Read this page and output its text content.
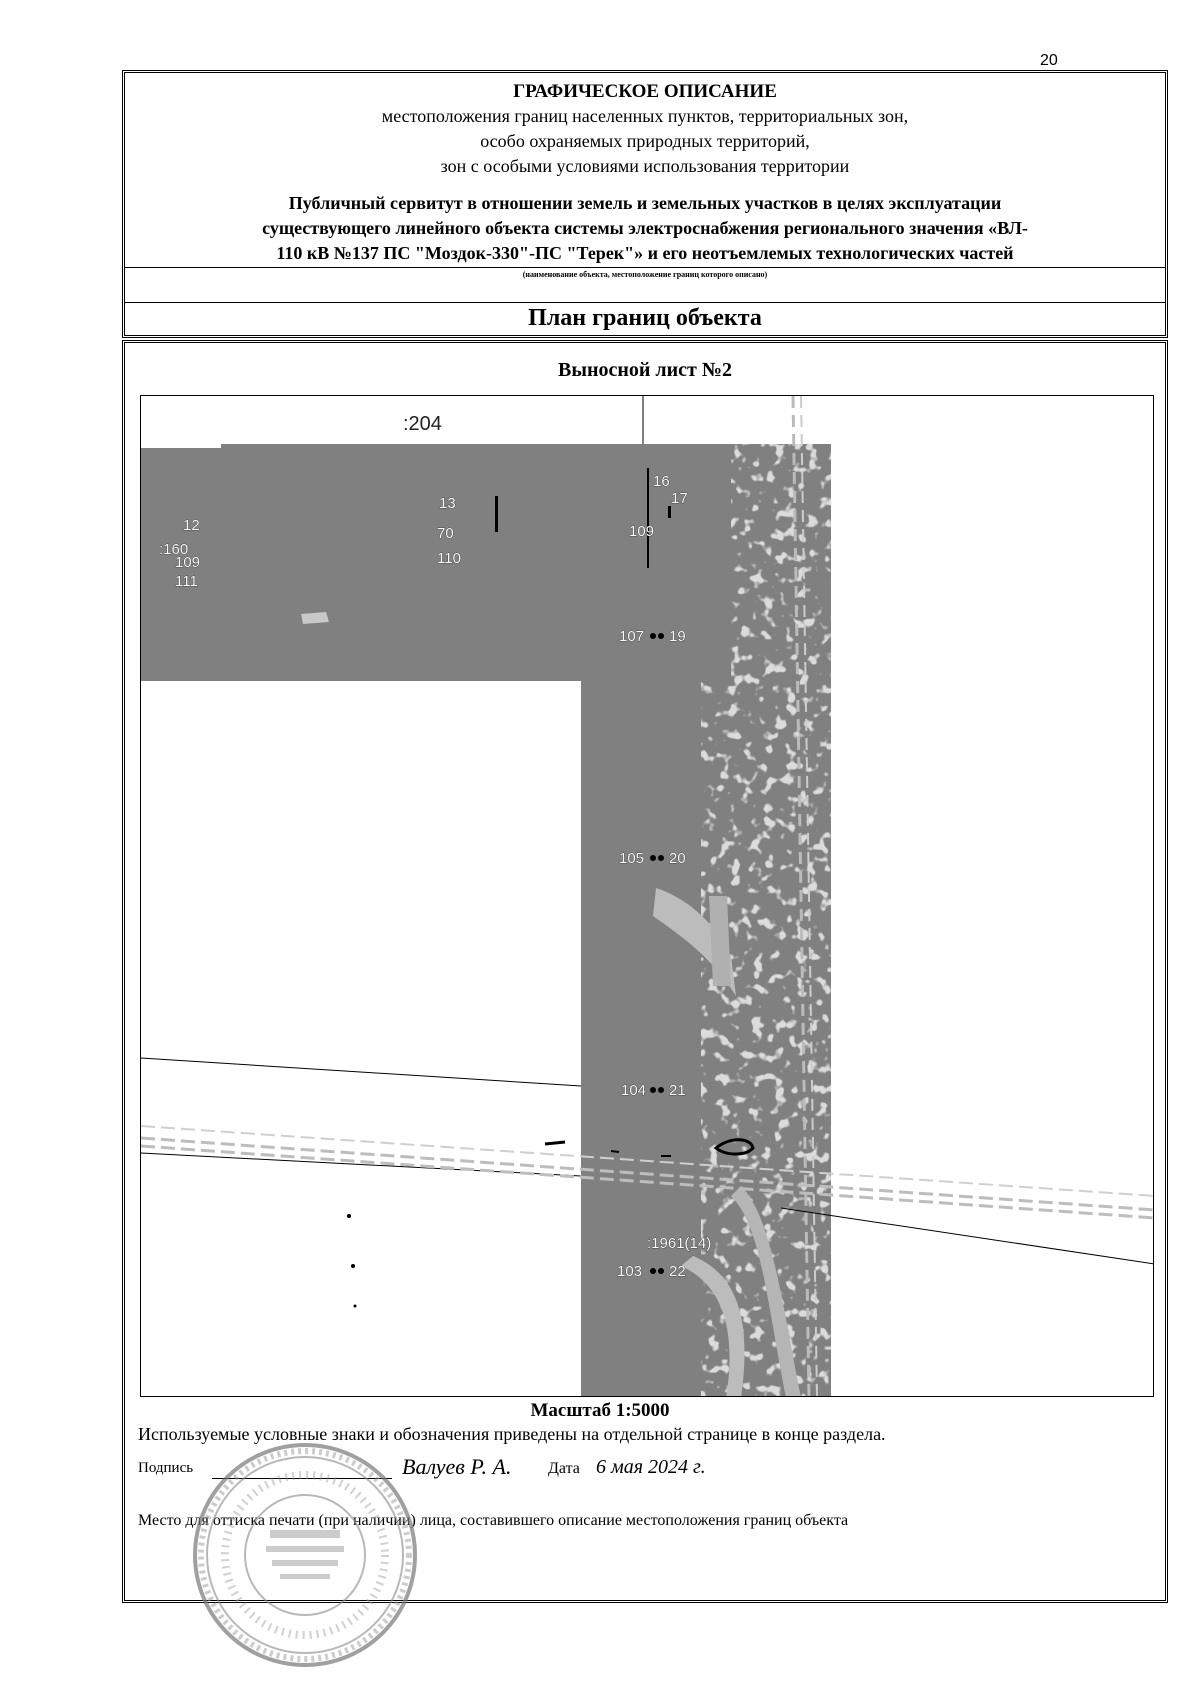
20
ГРАФИЧЕСКОЕ ОПИСАНИЕ
местоположения границ населенных пунктов, территориальных зон,
особо охраняемых природных территорий,
зон с особыми условиями использования территории
Публичный сервитут в отношении земель и земельных участков в целях эксплуатации
существующего линейного объекта системы электроснабжения регионального значения «ВЛ-
110 кВ №137 ПС "Моздок-330"-ПС "Терек"» и его неотъемлемых технологических частей
(наименование объекта, местоположение границ которого описано)
План границ объекта
Выносной лист №2
:204
12
:160
109
111
13
70
110
16
17
109
107 19
105 20
104 21
:1961(14)
103 22
Масштаб 1:5000
Используемые условные знаки и обозначения приведены на отдельной странице в конце раздела.
Подпись	Валуев Р. А. Дата 6 мая 2024 г.
Место для оттиска печати (при наличии) лица, составившего описание местоположения границ объекта
